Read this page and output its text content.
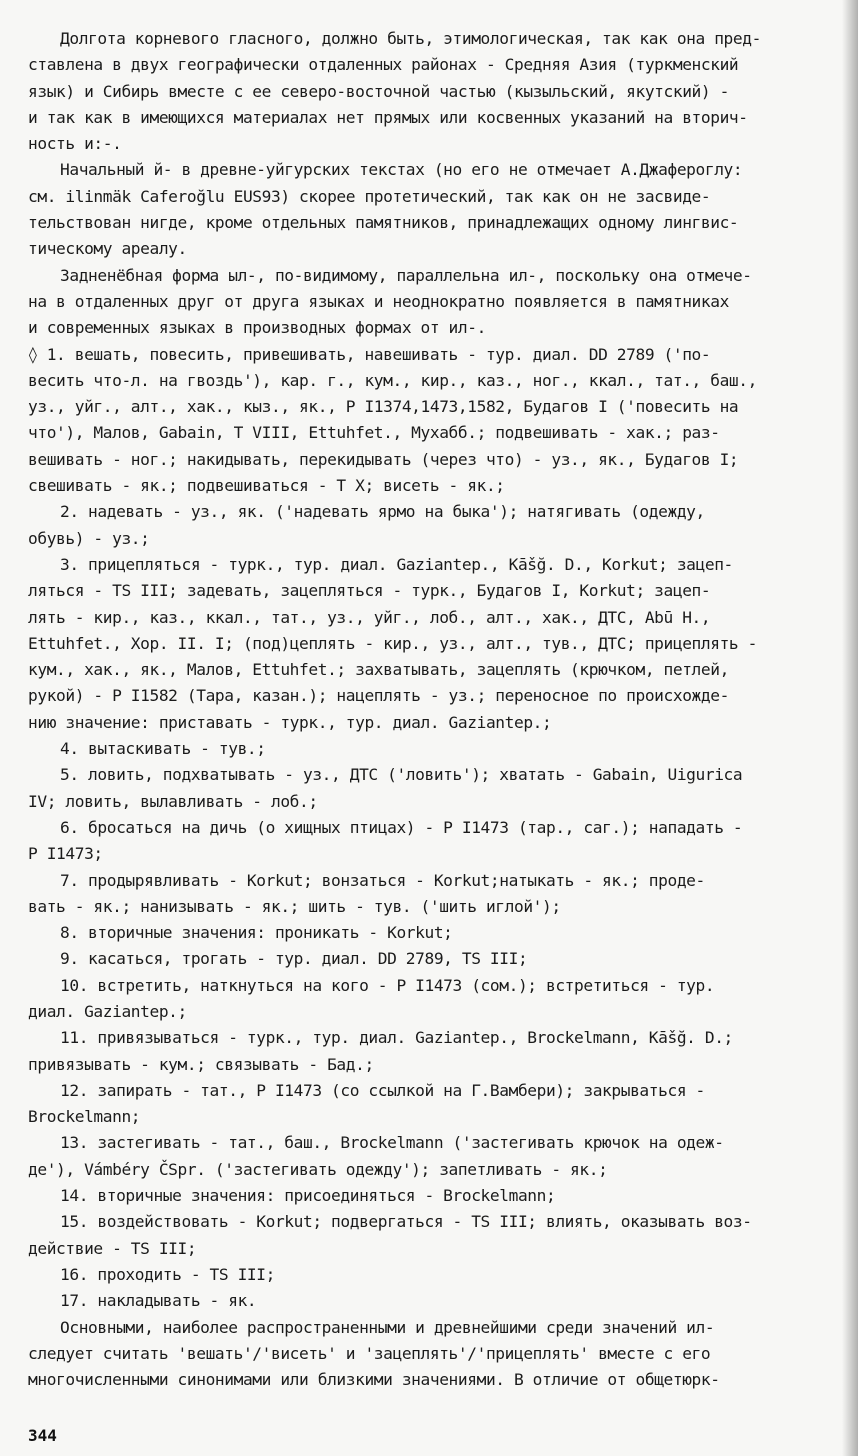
Долгота корневого гласного, должно быть, этимологическая, так как она пред-
ставлена в двух географически отдаленных районах - Средняя Азия (туркменский
язык) и Сибирь вместе с ее северо-восточной частью (кызыльский, якутский) -
и так как в имеющихся материалах нет прямых или косвенных указаний на вторич-
ность и:-.
Начальный й- в древне-уйгурских текстах (но его не отмечает А.Джафероглу:
см. ilinmäk Caferoğlu EUS93) скорее протетический, так как он не засвиде-
тельствован нигде, кроме отдельных памятников, принадлежащих одному лингвис-
тическому ареалу.
Задненёбная форма ыл-, по-видимому, параллельна ил-, поскольку она отмече-
на в отдаленных друг от друга языках и неоднократно появляется в памятниках
и современных языках в производных формах от ил-.
◊ 1. вешать, повесить, привешивать, навешивать - тур. диал. DD 2789 ('по-
весить что-л. на гвоздь'), кар. г., кум., кир., каз., ног., ккал., тат., баш.,
уз., уйг., алт., хак., кыз., як., Р I1374,1473,1582, Будагов I ('повесить на
что'), Малов, Gabain, T VIII, Ettuhfet., Мухабб.; подвешивать - хак.; раз-
вешивать - ног.; накидывать, перекидывать (через что) - уз., як., Будагов I;
свешивать - як.; подвешиваться - Т Х; висеть - як.;
2. надевать - уз., як. ('надевать ярмо на быка'); натягивать (одежду,
обувь) - уз.;
3. прицепляться - турк., тур. диал. Gaziantep., Kāšğ. D., Korkut; зацеп-
ляться - TS III; задевать, зацепляться - турк., Будагов I, Korkut; зацеп-
лять - кир., каз., ккал., тат., уз., уйг., лоб., алт., хак., ДТС, Abū H.,
Ettuhfet., Хор. II. I; (под)цеплять - кир., уз., алт., тув., ДТС; прицеплять -
кум., хак., як., Малов, Ettuhfet.; захватывать, зацеплять (крючком, петлей,
рукой) - Р I1582 (Тара, казан.); нацеплять - уз.; переносное по происхожде-
нию значение: приставать - турк., тур. диал. Gaziantep.;
4. вытаскивать - тув.;
5. ловить, подхватывать - уз., ДТС ('ловить'); хватать - Gabain, Uigurica
IV; ловить, вылавливать - лоб.;
6. бросаться на дичь (о хищных птицах) - Р I1473 (тар., саг.); нападать -
Р I1473;
7. продырявливать - Korkut; вонзаться - Korkut;натыкать - як.; проде-
вать - як.; нанизывать - як.; шить - тув. ('шить иглой');
8. вторичные значения: проникать - Korkut;
9. касаться, трогать - тур. диал. DD 2789, TS III;
10. встретить, наткнуться на кого - Р I1473 (сом.); встретиться - тур.
диал. Gaziantep.;
11. привязываться - турк., тур. диал. Gaziantep., Brockelmann, Kāšğ. D.;
привязывать - кум.; связывать - Бад.;
12. запирать - тат., Р I1473 (со ссылкой на Г.Вамбери); закрываться -
Brockelmann;
13. застегивать - тат., баш., Brockelmann ('застегивать крючок на одеж-
де'), Vámbéry ČSpr. ('застегивать одежду'); запетливать - як.;
14. вторичные значения: присоединяться - Brockelmann;
15. воздействовать - Korkut; подвергаться - TS III; влиять, оказывать воз-
действие - TS III;
16. проходить - TS III;
17. накладывать - як.
Основными, наиболее распространенными и древнейшими среди значений ил-
следует считать 'вешать'/'висеть' и 'зацеплять'/'прицеплять' вместе с его
многочисленными синонимами или близкими значениями. В отличие от общетюрк-
344
